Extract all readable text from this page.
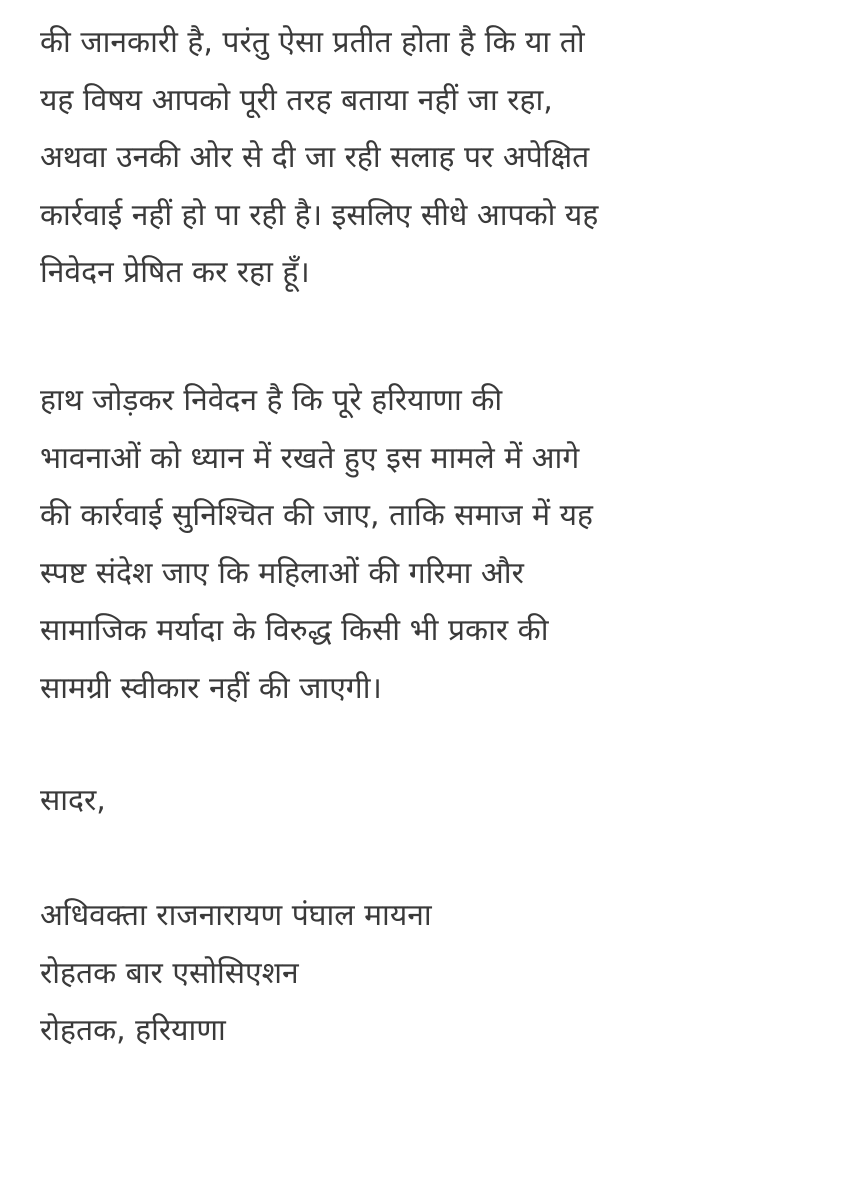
की जानकारी है, परंतु ऐसा प्रतीत होता है कि या तो
यह विषय आपको पूरी तरह बताया नहीं जा रहा,
अथवा उनकी ओर से दी जा रही सलाह पर अपेक्षित
कार्रवाई नहीं हो पा रही है। इसलिए सीधे आपको यह
निवेदन प्रेषित कर रहा हूँ।
हाथ जोड़कर निवेदन है कि पूरे हरियाणा की
भावनाओं को ध्यान में रखते हुए इस मामले में आगे
की कार्रवाई सुनिश्चित की जाए, ताकि समाज में यह
स्पष्ट संदेश जाए कि महिलाओं की गरिमा और
सामाजिक मर्यादा के विरुद्ध किसी भी प्रकार की
सामग्री स्वीकार नहीं की जाएगी।
सादर,
अधिवक्ता राजनारायण पंघाल मायना
रोहतक बार एसोसिएशन
रोहतक, हरियाणा
